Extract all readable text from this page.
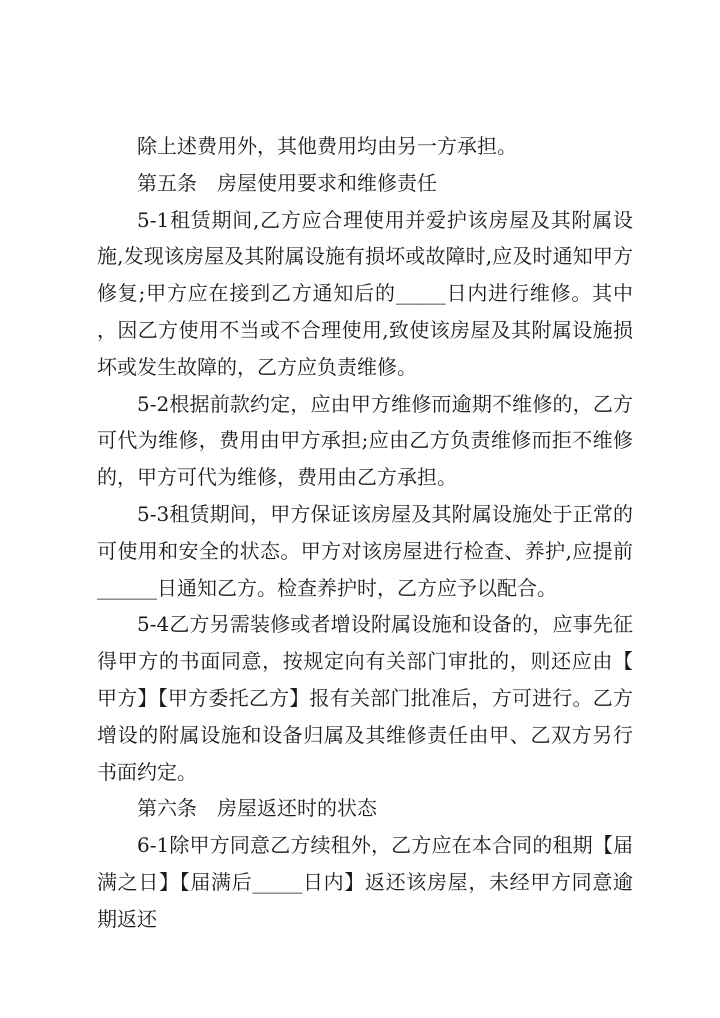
除上述费用外，其他费用均由另一方承担。

第五条　房屋使用要求和维修责任

5-1租赁期间,乙方应合理使用并爱护该房屋及其附属设施,发现该房屋及其附属设施有损坏或故障时,应及时通知甲方修复;甲方应在接到乙方通知后的_____日内进行维修。其中，因乙方使用不当或不合理使用,致使该房屋及其附属设施损坏或发生故障的，乙方应负责维修。

5-2根据前款约定，应由甲方维修而逾期不维修的，乙方可代为维修，费用由甲方承担;应由乙方负责维修而拒不维修的，甲方可代为维修，费用由乙方承担。

5-3租赁期间，甲方保证该房屋及其附属设施处于正常的可使用和安全的状态。甲方对该房屋进行检查、养护,应提前______日通知乙方。检查养护时，乙方应予以配合。

5-4乙方另需装修或者增设附属设施和设备的，应事先征得甲方的书面同意，按规定向有关部门审批的，则还应由【甲方】【甲方委托乙方】报有关部门批准后，方可进行。乙方增设的附属设施和设备归属及其维修责任由甲、乙双方另行书面约定。

第六条　房屋返还时的状态

6-1除甲方同意乙方续租外，乙方应在本合同的租期【届满之日】【届满后_____日内】返还该房屋，未经甲方同意逾期返还
